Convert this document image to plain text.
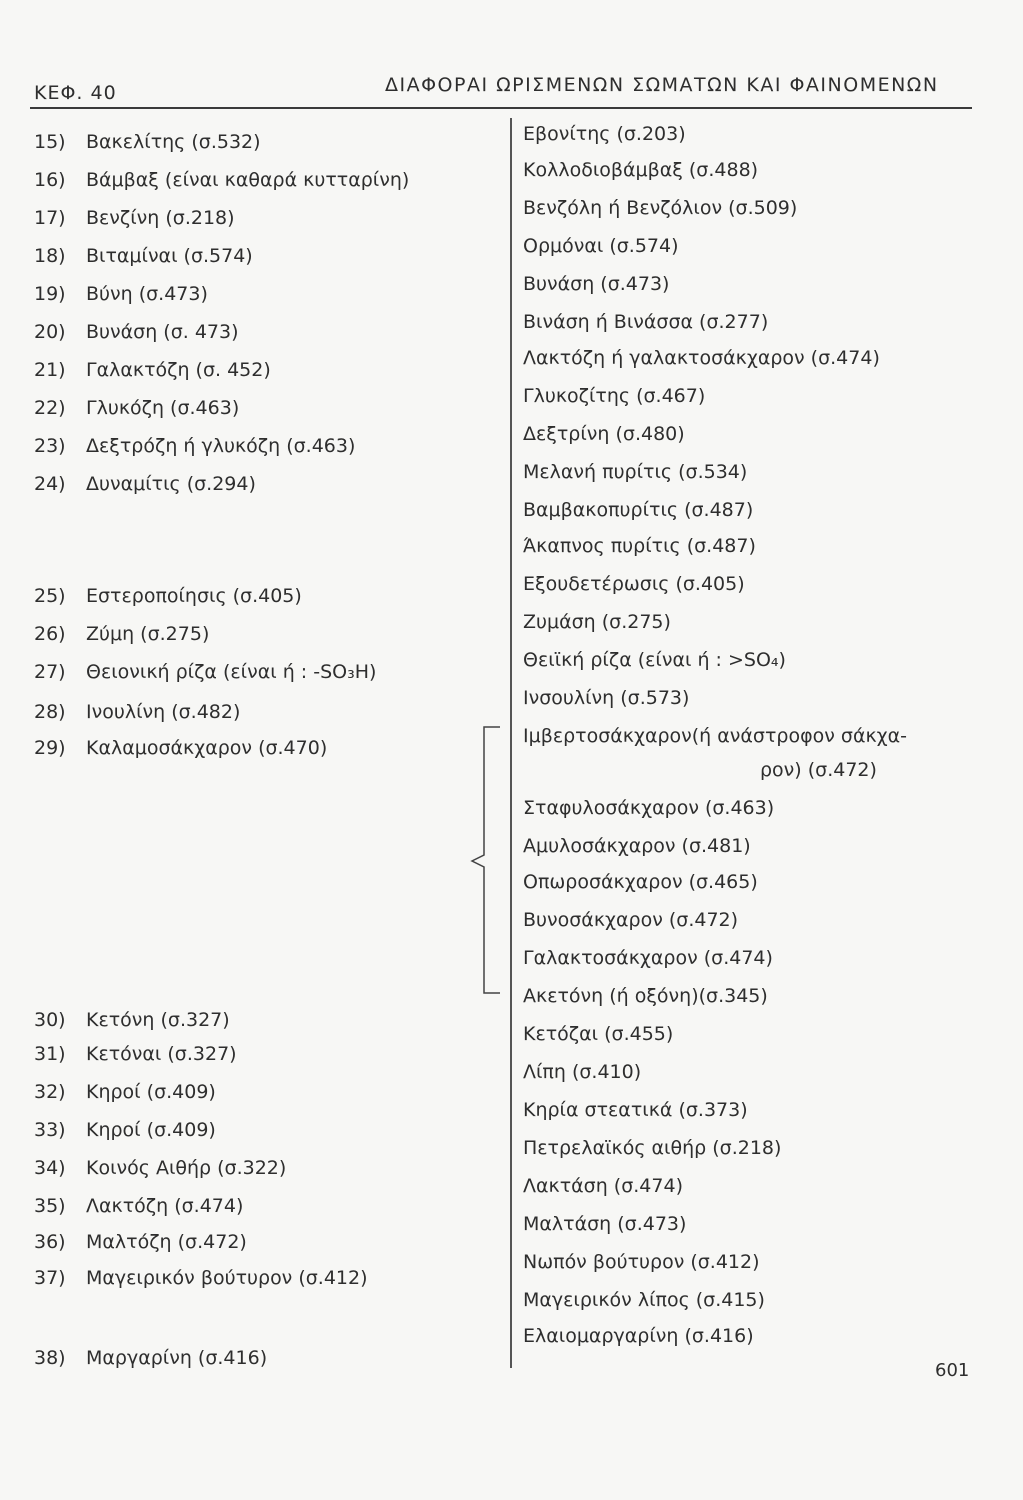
ΚΕΦ. 40	ΔΙΑΦΟΡΑΙ ΩΡΙΣΜΕΝΩΝ ΣΩΜΑΤΩΝ ΚΑΙ ΦΑΙΝΟΜΕΝΩΝ
15) Βακελίτης (σ.532)
16) Βάμβαξ (είναι καθαρά κυτταρίνη)
17) Βενζίνη (σ.218)
18) Βιταμίναι (σ.574)
19) Βύνη (σ.473)
20) Βυνάση (σ. 473)
21) Γαλακτόζη (σ. 452)
22) Γλυκόζη (σ.463)
23) Δεξτρόζη ή γλυκόζη (σ.463)
24) Δυναμίτις (σ.294)
25) Εστεροποίησις (σ.405)
26) Ζύμη (σ.275)
27) Θειονική ρίζα (είναι ή : -SO₃H)
28) Ινουλίνη (σ.482)
29) Καλαμοσάκχαρον (σ.470)
30) Κετόνη (σ.327)
31) Κετόναι (σ.327)
32) Κηροί (σ.409)
33) Κηροί (σ.409)
34) Κοινός Αιθήρ (σ.322)
35) Λακτόζη (σ.474)
36) Μαλτόζη (σ.472)
37) Μαγειρικόν βούτυρον (σ.412)
38) Μαργαρίνη (σ.416)
Εβονίτης (σ.203)
Κολλοδιοβάμβαξ (σ.488)
Βενζόλη ή Βενζόλιον (σ.509)
Ορμόναι (σ.574)
Βυνάση (σ.473)
Βινάση ή Βινάσσα (σ.277)
Λακτόζη ή γαλακτοσάκχαρον (σ.474)
Γλυκοζίτης (σ.467)
Δεξτρίνη (σ.480)
Μελανή πυρίτις (σ.534)
Βαμβακοπυρίτις (σ.487)
Άκαπνος πυρίτις (σ.487)
Εξουδετέρωσις (σ.405)
Ζυμάση (σ.275)
Θειϊκή ρίζα (είναι ή : >SO₄)
Ινσουλίνη (σ.573)
Ιμβερτοσάκχαρον(ή ανάστροφον σάκχα-
ρον) (σ.472)
Σταφυλοσάκχαρον (σ.463)
Αμυλοσάκχαρον (σ.481)
Οπωροσάκχαρον (σ.465)
Βυνοσάκχαρον (σ.472)
Γαλακτοσάκχαρον (σ.474)
Ακετόνη (ή οξόνη)(σ.345)
Κετόζαι (σ.455)
Λίπη (σ.410)
Κηρία στεατικά (σ.373)
Πετρελαϊκός αιθήρ (σ.218)
Λακτάση (σ.474)
Μαλτάση (σ.473)
Νωπόν βούτυρον (σ.412)
Μαγειρικόν λίπος (σ.415)
Ελαιομαργαρίνη (σ.416)
601
